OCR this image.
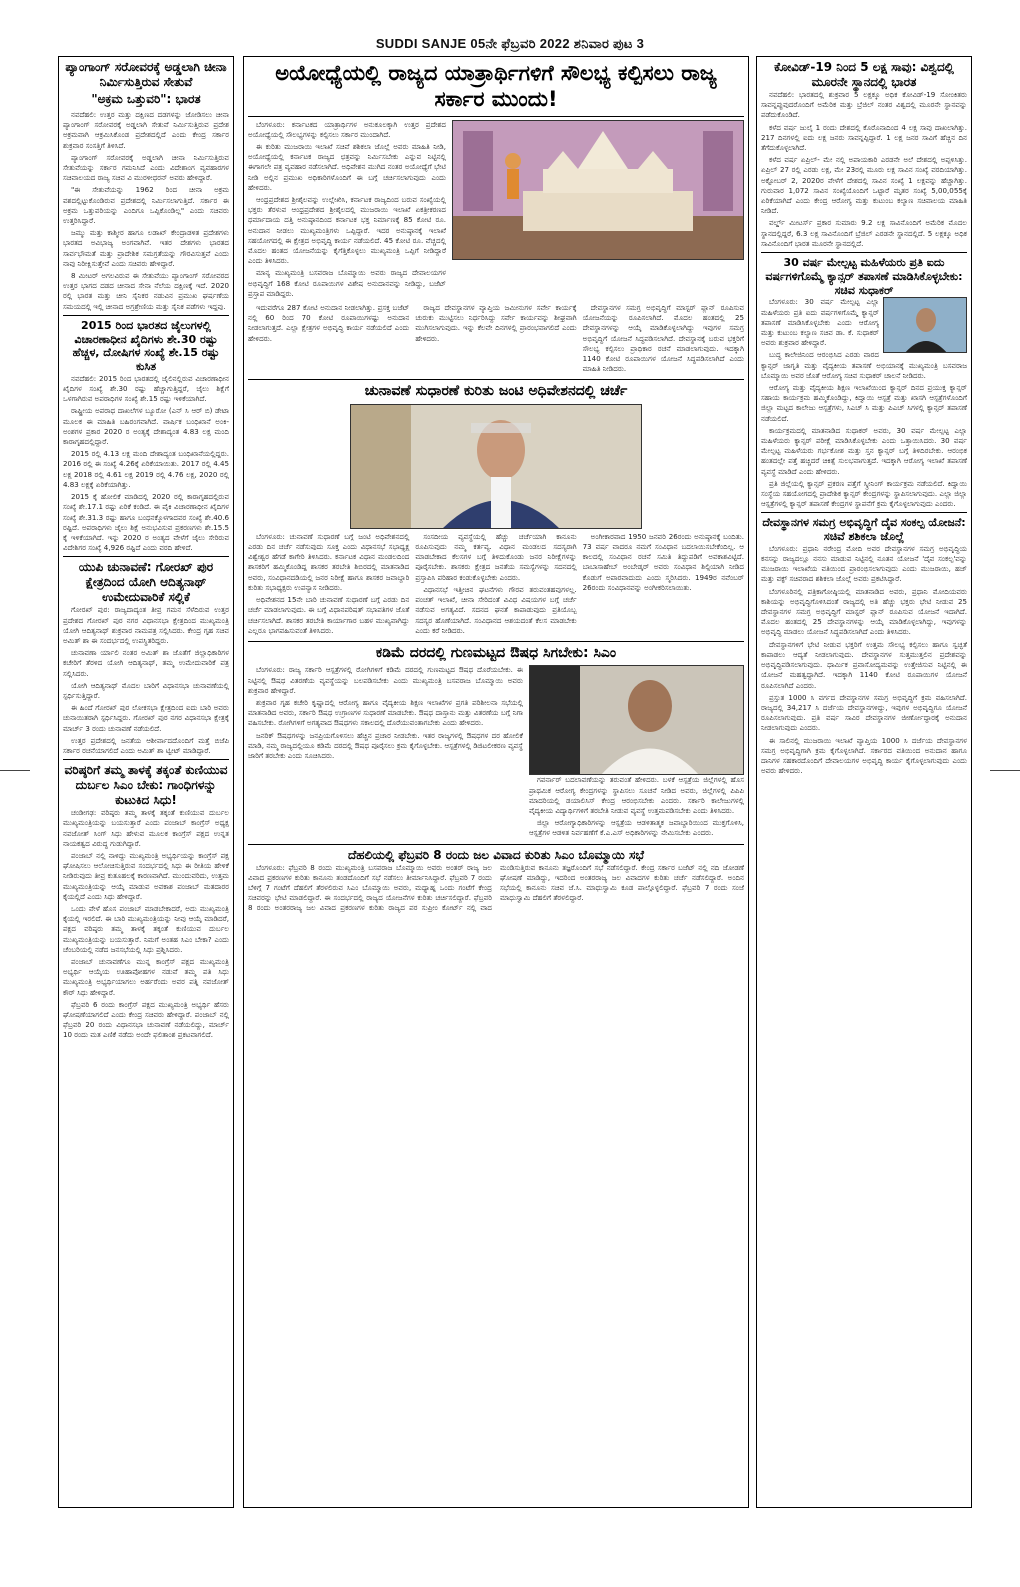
SUDDI SANJE 05ನೇ ಫೆಬ್ರವರಿ 2022 ಶನಿವಾರ ಪುಟ 3
ಪ್ಯಾಂಗಾಂಗ್ ಸರೋವರಕ್ಕೆ ಅಡ್ಡಲಾಗಿ ಚೀನಾ ನಿರ್ಮಿಸುತ್ತಿರುವ ಸೇತುವೆ
"ಅಕ್ರಮ ಒತ್ತುವರಿ": ಭಾರತ

ನವದೆಹಲಿ: ಉತ್ತರ ಮತ್ತು ದಕ್ಷಿಣದ ದಡಗಳನ್ನು ಜೋಡಿಸಲು ಚೀನಾ ಪ್ಯಾಂಗಾಂಗ್ ಸರೋವರಕ್ಕೆ ಅಡ್ಡಲಾಗಿ ಸೇತುವೆ ನಿರ್ಮಿಸುತ್ತಿರುವ ಪ್ರದೇಶ ಅಕ್ರಮವಾಗಿ ಆಕ್ರಮಿಸಿಕೊಂಡ ಪ್ರದೇಶದಲ್ಲಿದೆ ಎಂದು ಕೇಂದ್ರ ಸರ್ಕಾರ ಶುಕ್ರವಾರ ಸಂಸತ್ತಿಗೆ ತಿಳಿಸಿದೆ.

ಪ್ಯಾಂಗಾಂಗ್ ಸರೋವರಕ್ಕೆ ಅಡ್ಡಲಾಗಿ ಚೀನಾ ನಿರ್ಮಿಸುತ್ತಿರುವ ಸೇತುವೆಯನ್ನು ಸರ್ಕಾರ ಗಮನಿಸಿದೆ ಎಂದು ವಿದೇಶಾಂಗ ವ್ಯವಹಾರಗಳ ಸಚಿವಾಲಯದ ರಾಜ್ಯ ಸಚಿವ ವಿ ಮುರಳೀಧರನ್ ಅವರು ಹೇಳಿದ್ದಾರೆ.

"ಈ ಸೇತುವೆಯನ್ನು 1962 ರಿಂದ ಚೀನಾ ಅಕ್ರಮ ವಶದಲ್ಲಿಟ್ಟುಕೊಂಡಿರುವ ಪ್ರದೇಶದಲ್ಲಿ ನಿರ್ಮಿಸಲಾಗುತ್ತಿದೆ. ಸರ್ಕಾರ ಈ ಅಕ್ರಮ ಒತ್ತುವರಿಯನ್ನು ಎಂದಿಗೂ ಒಪ್ಪಿಕೊಂಡಿಲ್ಲ" ಎಂದು ಸಚಿವರು ಉತ್ತರಿಸಿದ್ದಾರೆ.

ಜಮ್ಮು ಮತ್ತು ಕಾಶ್ಮೀರ ಹಾಗೂ ಲಡಾಖ್ ಕೇಂದ್ರಾಡಳಿತ ಪ್ರದೇಶಗಳು ಭಾರತದ ಅವಿಭಾಜ್ಯ ಅಂಗವಾಗಿವೆ. ಇತರ ದೇಶಗಳು ಭಾರತದ ಸಾರ್ವಭೌಮತೆ ಮತ್ತು ಪ್ರಾದೇಶಿಕ ಸಮಗ್ರತೆಯನ್ನು ಗೌರವಿಸುತ್ತವೆ ಎಂದು ನಾವು ನಿರೀಕ್ಷಿಸುತ್ತೇವೆ ಎಂದು ಸಚಿವರು ಹೇಳಿದ್ದಾರೆ.

8 ಮೀಟರ್ ಅಗಲವಿರುವ ಈ ಸೇತುವೆಯು ಪ್ಯಾಂಗಾಂಗ್ ಸರೋವರದ ಉತ್ತರ ಭಾಗದ ದಡದ ಚೀನಾದ ಸೇನಾ ನೆಲೆಯ ದಕ್ಷಿಣಕ್ಕೆ ಇದೆ. 2020 ರಲ್ಲಿ ಭಾರತ ಮತ್ತು ಚೀನಿ ಸೈನಿಕರ ನಡುವಿನ ಪ್ರಮುಖ ಘರ್ಷಣೆಯ ಸಮಯದಲ್ಲಿ ಇಲ್ಲಿ ಚೀನಾದ ಅಗ್ರಶ್ರೇಣಿಯ ಮತ್ತು ಸೈನಿಕ ಪಡೆಗಳು ಇದ್ದವು.

2015 ರಿಂದ ಭಾರತದ ಜೈಲುಗಳಲ್ಲಿ ವಿಚಾರಣಾಧೀನ ಖೈದಿಗಳು ಶೇ.30 ರಷ್ಟು ಹೆಚ್ಚಳ, ದೋಷಿಗಳ ಸಂಖ್ಯೆ ಶೇ.15 ರಷ್ಟು ಕುಸಿತ

ನವದೆಹಲಿ: 2015 ರಿಂದ ಭಾರತದಲ್ಲಿ ಜೈಲಿನಲ್ಲಿರುವ ವಿಚಾರಣಾಧೀನ ಖೈದಿಗಳ ಸಂಖ್ಯೆ ಶೇ.30 ರಷ್ಟು ಹೆಚ್ಚಾಗುತ್ತಿದ್ದರೆ, ಜೈಲು ಶಿಕ್ಷೆಗೆ ಒಳಗಾಗಿರುವ ಅಪರಾಧಿಗಳ ಸಂಖ್ಯೆ ಶೇ.15 ರಷ್ಟು ಇಳಿಕೆಯಾಗಿದೆ.

ರಾಷ್ಟ್ರೀಯ ಅಪರಾಧ ದಾಖಲೆಗಳ ಬ್ಯೂರೋ (ಎನ್ ಸಿ ಆರ್ ಬಿ) ಡೇಟಾ ಮೂಲಕ ಈ ಮಾಹಿತಿ ಬಹಿರಂಗವಾಗಿದೆ. ವಾರ್ಷಿಕ ಬಂಧಿಖಾನೆ ಅಂಕಿ-ಅಂಶಗಳ ಪ್ರಕಾರ 2020 ರ ಅಂತ್ಯಕ್ಕೆ ದೇಶಾದ್ಯಂತ 4.83 ಲಕ್ಷ ಮಂದಿ ಕಾರಾಗೃಹದಲ್ಲಿದ್ದಾರೆ.

2015 ರಲ್ಲಿ 4.13 ಲಕ್ಷ ಮಂದಿ ದೇಶಾದ್ಯಂತ ಬಂಧಿಖಾನೆಯಲ್ಲಿದ್ದರು. 2016 ರಲ್ಲಿ ಈ ಸಂಖ್ಯೆ 4.26ಕ್ಕೆ ಏರಿಕೆಯಾಯಿತು. 2017 ರಲ್ಲಿ 4.45 ಲಕ್ಷ 2018 ರಲ್ಲಿ 4.61 ಲಕ್ಷ 2019 ರಲ್ಲಿ 4.76 ಲಕ್ಷ, 2020 ರಲ್ಲಿ 4.83 ಲಕ್ಷಕ್ಕೆ ಏರಿಕೆಯಾಗಿತ್ತು.

2015 ಕ್ಕೆ ಹೋಲಿಕೆ ಮಾಡಿದಲ್ಲಿ 2020 ರಲ್ಲಿ ಕಾರಾಗೃಹದಲ್ಲಿರುವ ಸಂಖ್ಯೆ ಶೇ.17.1 ರಷ್ಟು ಏರಿಕೆ ಕಂಡಿದೆ. ಈ ಪೈಕಿ ವಿಚಾರಣಾಧೀನ ಖೈದಿಗಳ ಸಂಖ್ಯೆ ಶೇ.31.3 ರಷ್ಟು ಹಾಗೂ ಬಂಧನಕ್ಕೊಳಗಾದವರ ಸಂಖ್ಯೆ ಶೇ.40.6 ರಷ್ಟಿದೆ. ಅಪರಾಧಿಗಳು ಜೈಲು ಶಿಕ್ಷೆ ಅನುಭವಿಸುವ ಪ್ರಕರಣಗಳು ಶೇ.15.5 ಕ್ಕೆ ಇಳಿಕೆಯಾಗಿದೆ. ಇನ್ನು 2020 ರ ಅಂತ್ಯದ ವೇಳೆಗೆ ಜೈಲು ಸೇರಿರುವ ವಿದೇಶಿಗರ ಸಂಖ್ಯೆ 4,926 ರಷ್ಟಿದೆ ಎಂದು ವರದಿ ಹೇಳಿದೆ.

ಯುಪಿ ಚುನಾವಣೆ: ಗೋರಖ್ ಪುರ ಕ್ಷೇತ್ರದಿಂದ ಯೋಗಿ ಆದಿತ್ಯನಾಥ್ ಉಮೇದುವಾರಿಕೆ ಸಲ್ಲಿಕೆ

ಗೋರಖ್ ಪುರ: ರಾಜ್ಯದಾದ್ಯಂತ ತೀವ್ರ ಗಮನ ಸೆಳೆದಿರುವ ಉತ್ತರ ಪ್ರದೇಶದ ಗೋರಖ್ ಪುರ ನಗರ ವಿಧಾನಸಭಾ ಕ್ಷೇತ್ರದಿಂದ ಮುಖ್ಯಮಂತ್ರಿ ಯೋಗಿ ಆದಿತ್ಯನಾಥ್ ಶುಕ್ರವಾರ ನಾಮಪತ್ರ ಸಲ್ಲಿಸಿದರು. ಕೇಂದ್ರ ಗೃಹ ಸಚಿವ ಅಮಿತ್ ಶಾ ಈ ಸಂದರ್ಭದಲ್ಲಿ ಉಪಸ್ಥಿತರಿದ್ದರು.

ಚುನಾವಣಾ ರ್ಯಾಲಿ ನಂತರ ಅಮಿತ್ ಶಾ ಜೊತೆಗೆ ಜಿಲ್ಲಾಧಿಕಾರಿಗಳ ಕಚೇರಿಗೆ ತೆರಳಿದ ಯೋಗಿ ಆದಿತ್ಯನಾಥ್, ತಮ್ಮ ಉಮೇದುವಾರಿಕೆ ಪತ್ರ ಸಲ್ಲಿಸಿದರು.

ಯೋಗಿ ಆದಿತ್ಯನಾಥ್ ಮೊದಲ ಬಾರಿಗೆ ವಿಧಾನಸಭಾ ಚುನಾವಣೆಯಲ್ಲಿ ಸ್ಪರ್ಧಿಸುತ್ತಿದ್ದಾರೆ.

ಈ ಹಿಂದೆ ಗೋರಖ್ ಪುರ ಲೋಕಸಭಾ ಕ್ಷೇತ್ರದಿಂದ ಐದು ಬಾರಿ ಅವರು ಚುನಾಯಿತರಾಗಿ ಸ್ಪರ್ಧಿಸಿದ್ದರು. ಗೋರಖ್ ಪುರ ನಗರ ವಿಧಾನಸಭಾ ಕ್ಷೇತ್ರಕ್ಕೆ ಮಾರ್ಚ್ 3 ರಂದು ಚುನಾವಣೆ ನಡೆಯಲಿದೆ.

ಉತ್ತರ ಪ್ರದೇಶದಲ್ಲಿ ಜನತೆಯ ಆಶೀರ್ವಾದದೊಂದಿಗೆ ಮತ್ತೆ ಬಿಜೆಪಿ ಸರ್ಕಾರ ರಚನೆಯಾಗಲಿದೆ ಎಂದು ಅಮಿತ್ ಶಾ ಟ್ವೀಟ್ ಮಾಡಿದ್ದಾರೆ.

ವರಿಷ್ಠರಿಗೆ ತಮ್ಮ ತಾಳಕ್ಕೆ ತಕ್ಕಂತೆ ಕುಣಿಯುವ ದುರ್ಬಲ ಸಿಎಂ ಬೇಕು: ಗಾಂಧಿಗಳನ್ನು ಕುಟುಕಿದ ಸಿಧು!

ಚಂಡೀಗಢ: ವರಿಷ್ಠರು ತಮ್ಮ ತಾಳಕ್ಕೆ ತಕ್ಕಂತೆ ಕುಣಿಯುವ ದುರ್ಬಲ ಮುಖ್ಯಮಂತ್ರಿಯನ್ನು ಬಯಸುತ್ತಾರೆ ಎಂದು ಪಂಜಾಬ್ ಕಾಂಗ್ರೆಸ್ ಅಧ್ಯಕ್ಷ ನವಜೋತ್ ಸಿಂಗ್ ಸಿಧು ಹೇಳುವ ಮೂಲಕ ಕಾಂಗ್ರೆಸ್ ಪಕ್ಷದ ಉನ್ನತ ನಾಯಕತ್ವದ ವಿರುದ್ಧ ಗುಡುಗಿದ್ದಾರೆ.

ಪಂಜಾಬ್ ನಲ್ಲಿ ನಾಳಿದ್ದು ಮುಖ್ಯಮಂತ್ರಿ ಅಭ್ಯರ್ಥಿಯನ್ನು ಕಾಂಗ್ರೆಸ್ ಪಕ್ಷ ಘೋಷಿಸಲು ಆಲೋಚಿಸುತ್ತಿರುವ ಸಂದರ್ಭದಲ್ಲಿ ಸಿಧು ಈ ರೀತಿಯ ಹೇಳಿಕೆ ನೀಡಿರುವುದು ತೀವ್ರ ಕುತೂಹಲಕ್ಕೆ ಕಾರಣವಾಗಿದೆ. ಮುಂದುವರಿದು, ಉತ್ತಮ ಮುಖ್ಯಮಂತ್ರಿಯನ್ನು ಆಯ್ಕೆ ಮಾಡುವ ಅವಕಾಶ ಪಂಜಾಬ್ ಮತದಾರರ ಕೈಯಲ್ಲಿದೆ ಎಂದು ಸಿಧು ಹೇಳಿದ್ದಾರೆ.

ಒಂದು ವೇಳೆ ಹೊಸ ಪಂಜಾಬ್ ಮಾಡಬೇಕಾದರೆ, ಅದು ಮುಖ್ಯಮಂತ್ರಿ ಕೈಯಲ್ಲಿ ಇರಲಿದೆ. ಈ ಬಾರಿ ಮುಖ್ಯಮಂತ್ರಿಯನ್ನು ನೀವು ಆಯ್ಕೆ ಮಾಡಿದರೆ, ಪಕ್ಷದ ವರಿಷ್ಠರು ತಮ್ಮ ತಾಳಕ್ಕೆ ತಕ್ಕಂತೆ ಕುಣಿಯುವ ದುರ್ಬಲ ಮುಖ್ಯಮಂತ್ರಿಯನ್ನು ಬಯಸುತ್ತಾರೆ. ನಿಮಗೆ ಅಂತಹ ಸಿಎಂ ಬೇಕಾ? ಎಂದು ಚೆಂಬರಿಯಲ್ಲಿ ನಡೆದ ಜನಸಭೆಯಲ್ಲಿ ಸಿಧು ಪ್ರಶ್ನಿಸಿದರು.

ಪಂಜಾಬ್ ಚುನಾವಣೆಗೂ ಮುನ್ನ ಕಾಂಗ್ರೆಸ್ ಪಕ್ಷದ ಮುಖ್ಯಮಂತ್ರಿ ಅಭ್ಯರ್ಥಿ ಆಯ್ಕೆಯ ಊಹಾಪೋಹಗಳ ನಡುವೆ ತಮ್ಮ ಪತಿ ಸಿಧು ಮುಖ್ಯಮಂತ್ರಿ ಅಭ್ಯರ್ಥಿಯಾಗಲು ಅರ್ಹರೆಂದು ಅವರ ಪತ್ನಿ ನವಜೋತ್ ಕೌರ್ ಸಿಧು ಹೇಳಿದ್ದಾರೆ.

ಫೆಬ್ರವರಿ 6 ರಂದು ಕಾಂಗ್ರೆಸ್ ಪಕ್ಷದ ಮುಖ್ಯಮಂತ್ರಿ ಅಭ್ಯರ್ಥಿ ಹೆಸರು ಘೋಷಣೆಯಾಗಲಿದೆ ಎಂದು ಕೇಂದ್ರ ಸಚಿವರು ಹೇಳಿದ್ದಾರೆ. ಪಂಜಾಬ್ ನಲ್ಲಿ ಫೆಬ್ರವರಿ 20 ರಂದು ವಿಧಾನಸಭಾ ಚುನಾವಣೆ ನಡೆಯಲಿದ್ದು, ಮಾರ್ಚ್ 10 ರಂದು ಮತ ಎಣಿಕೆ ನಡೆದು ಅಂದೇ ಫಲಿತಾಂಶ ಪ್ರಕಟವಾಗಲಿದೆ.

ಅಯೋಧ್ಯೆಯಲ್ಲಿ ರಾಜ್ಯದ ಯಾತ್ರಾರ್ಥಿಗಳಿಗೆ ಸೌಲಭ್ಯ ಕಲ್ಪಿಸಲು ರಾಜ್ಯ ಸರ್ಕಾರ ಮುಂದು!

ಬೆಂಗಳೂರು: ಕರ್ನಾಟಕದ ಯಾತ್ರಾರ್ಥಿಗಳ ಅನುಕೂಲಕ್ಕಾಗಿ ಉತ್ತರ ಪ್ರದೇಶದ ಅಯೋಧ್ಯೆಯಲ್ಲಿ ಸೌಲಭ್ಯಗಳನ್ನು ಕಲ್ಪಿಸಲು ಸರ್ಕಾರ ಮುಂದಾಗಿದೆ.

ಈ ಕುರಿತು ಮುಜರಾಯಿ ಇಲಾಖೆ ಸಚಿವೆ ಶಶಿಕಲಾ ಜೊಲ್ಲೆ ಅವರು ಮಾಹಿತಿ ನೀಡಿ, ಅಯೋಧ್ಯೆಯಲ್ಲಿ ಕರ್ನಾಟಕ ರಾಜ್ಯದ ಛತ್ರವನ್ನು ನಿರ್ಮಿಸಬೇಕು ಎನ್ನುವ ನಿಟ್ಟಿನಲ್ಲಿ ಈಗಾಗಲೇ ಪತ್ರ ವ್ಯವಹಾರ ನಡೆಸಲಾಗಿದೆ. ಅಧಿವೇಶನ ಮುಗಿದ ನಂತರ ಅಯೋಧ್ಯೆಗೆ ಭೇಟಿ ನೀಡಿ ಅಲ್ಲಿನ ಪ್ರಮುಖ ಅಧಿಕಾರಿಗಳೊಂದಿಗೆ ಈ ಬಗ್ಗೆ ಚರ್ಚಿಸಲಾಗುವುದು ಎಂದು ಹೇಳಿದರು.

ಆಂಧ್ರಪ್ರದೇಶದ ಶ್ರೀಶೈಲವನ್ನು ಉಲ್ಲೇಖಿಸಿ, ಕರ್ನಾಟಕ ರಾಜ್ಯದಿಂದ ಬರುವ ಸಂಖ್ಯೆಯಲ್ಲಿ ಭಕ್ತರು ತೆರಳುವ ಆಂಧ್ರಪ್ರದೇಶದ ಶ್ರೀಶೈಲದಲ್ಲಿ ಮುಜರಾಯಿ ಇಲಾಖೆ ಏಕತ್ರೀಕರಣದ ಧರ್ಮಾದಾಯ ದತ್ತಿ ಅನುಷ್ಠಾನದಿಂದ ಕರ್ನಾಟಕ ಭಕ್ತ ನಿರ್ಮಾಣಕ್ಕೆ 85 ಕೋಟಿ ರೂ. ಅನುದಾನ ನೀಡಲು ಮುಖ್ಯಮಂತ್ರಿಗಳು ಒಪ್ಪಿದ್ದಾರೆ. ಇದರ ಅನುಷ್ಠಾನಕ್ಕೆ ಇಲಾಖೆ ಸಹಯೋಗದಲ್ಲಿ ಈ ಕ್ಷೇತ್ರದ ಅಭಿವೃದ್ಧಿ ಕಾರ್ಯ ನಡೆಯಲಿದೆ. 45 ಕೋಟಿ ರೂ. ವೆಚ್ಚದಲ್ಲಿ ಮೊದಲ ಹಂತದ ಯೋಜನೆಯನ್ನು ಕೈಗೆತ್ತಿಕೊಳ್ಳಲು ಮುಖ್ಯಮಂತ್ರಿ ಒಪ್ಪಿಗೆ ನೀಡಿದ್ದಾರೆ ಎಂದು ತಿಳಿಸಿದರು.

ಮಾನ್ಯ ಮುಖ್ಯಮಂತ್ರಿ ಬಸವರಾಜ ಬೊಮ್ಮಾಯಿ ಅವರು ರಾಜ್ಯದ ದೇವಾಲಯಗಳ ಅಭಿವೃದ್ಧಿಗೆ 168 ಕೋಟಿ ರೂಪಾಯಿಗಳ ವಿಶೇಷ ಅನುದಾನವನ್ನು ನೀಡಿದ್ದು, ಬಜೆಟ್ ಪ್ರಸ್ತಾಪ ಮಾಡಿದ್ದರು.

ಇದುವರೆಗೂ 287 ಕೋಟಿ ಅನುದಾನ ನೀಡಲಾಗಿತ್ತು. ಪ್ರಸಕ್ತ ಬಜೆಟ್ ನಲ್ಲಿ 60 ರಿಂದ 70 ಕೋಟಿ ರೂಪಾಯಿಗಳಷ್ಟು ಅನುದಾನ ನೀಡಲಾಗುತ್ತದೆ. ಎಲ್ಲಾ ಕ್ಷೇತ್ರಗಳ ಅಭಿವೃದ್ಧಿ ಕಾರ್ಯ ನಡೆಯಲಿದೆ ಎಂದು ಹೇಳಿದರು.

ರಾಜ್ಯದ ದೇವಸ್ಥಾನಗಳ ವ್ಯಾಪ್ತಿಯ ಜಮೀನುಗಳ ಸರ್ವೇ ಕಾರ್ಯಕ್ಕೆ ಚುರುಕು ಮುಟ್ಟಿಸಲು ನಿರ್ಧರಿಸಿದ್ದು ಸರ್ವೇ ಕಾರ್ಯವನ್ನು ಶೀಘ್ರವಾಗಿ ಮುಗಿಸಲಾಗುವುದು. ಇನ್ನು ಕೆಲವೇ ದಿನಗಳಲ್ಲಿ ಪ್ರಾರಂಭವಾಗಲಿದೆ ಎಂದು ಹೇಳಿದರು.

ದೇವಸ್ಥಾನಗಳ ಸಮಗ್ರ ಅಭಿವೃದ್ಧಿಗೆ ಮಾಸ್ಟರ್ ಪ್ಲಾನ್ ರೂಪಿಸುವ ಯೋಜನೆಯನ್ನು ರೂಪಿಸಲಾಗಿದೆ. ಮೊದಲ ಹಂತದಲ್ಲಿ 25 ದೇವಸ್ಥಾನಗಳನ್ನು ಆಯ್ಕೆ ಮಾಡಿಕೊಳ್ಳಲಾಗಿದ್ದು ಇವುಗಳ ಸಮಗ್ರ ಅಭಿವೃದ್ಧಿಗೆ ಯೋಜನೆ ಸಿದ್ಧಪಡಿಸಲಾಗಿದೆ. ದೇವಸ್ಥಾನಕ್ಕೆ ಬರುವ ಭಕ್ತರಿಗೆ ಸೌಲಭ್ಯ ಕಲ್ಪಿಸಲು ಪ್ರಾಧಿಕಾರ ರಚನೆ ಮಾಡಲಾಗುವುದು. ಇದಕ್ಕಾಗಿ 1140 ಕೋಟಿ ರೂಪಾಯಿಗಳ ಯೋಜನೆ ಸಿದ್ಧಪಡಿಸಲಾಗಿದೆ ಎಂದು ಮಾಹಿತಿ ನೀಡಿದರು.

ಚುನಾವಣೆ ಸುಧಾರಣೆ ಕುರಿತು ಜಂಟಿ ಅಧಿವೇಶನದಲ್ಲಿ ಚರ್ಚೆ

ಬೆಂಗಳೂರು: ಚುನಾವಣೆ ಸುಧಾರಣೆ ಬಗ್ಗೆ ಜಂಟಿ ಅಧಿವೇಶನದಲ್ಲಿ ಎರಡು ದಿನ ಚರ್ಚೆ ನಡೆಸುವುದು ಸೂಕ್ತ ಎಂದು ವಿಧಾನಸಭೆ ಸಭಾಧ್ಯಕ್ಷ ವಿಶ್ವೇಶ್ವರ ಹೆಗಡೆ ಕಾಗೇರಿ ತಿಳಿಸಿದರು. ಕರ್ನಾಟಕ ವಿಧಾನ ಮಂಡಲದಿಂದ ಶಾಸಕರಿಗೆ ಹಮ್ಮಿಕೊಂಡಿದ್ದ ಶಾಸಕರ ತರಬೇತಿ ಶಿಬಿರದಲ್ಲಿ ಮಾತನಾಡಿದ ಅವರು, ಸಂವಿಧಾನದಡಿಯಲ್ಲಿ ಜನರ ನಿರೀಕ್ಷೆ ಹಾಗೂ ಶಾಸಕರ ಜವಾಬ್ದಾರಿ ಕುರಿತು ಸಭಾಧ್ಯಕ್ಷರು ಉಪನ್ಯಾಸ ನೀಡಿದರು.

ಅಧಿವೇಶನದ 15ನೇ ಬಾರಿ ಚುನಾವಣೆ ಸುಧಾರಣೆ ಬಗ್ಗೆ ಎರಡು ದಿನ ಚರ್ಚೆ ಮಾಡಲಾಗುವುದು. ಈ ಬಗ್ಗೆ ವಿಧಾನಪರಿಷತ್ ಸಭಾಪತಿಗಳ ಜೊತೆ ಚರ್ಚಿಸಲಾಗಿದೆ. ಶಾಸಕರ ತರಬೇತಿ ಕಾರ್ಯಾಗಾರ ಬಹಳ ಮುಖ್ಯವಾಗಿದ್ದು ಎಲ್ಲರೂ ಭಾಗವಹಿಸುವಂತೆ ತಿಳಿಸಿದರು.

ಸಂಸದೀಯ ವ್ಯವಸ್ಥೆಯಲ್ಲಿ ಹೆಚ್ಚು ಚರ್ಚೆಯಾಗಿ ಕಾನೂನು ರೂಪಿಸುವುದು ನಮ್ಮ ಕರ್ತವ್ಯ. ವಿಧಾನ ಮಂಡಲದ ಸದಸ್ಯರಾಗಿ ಮಾಡಬೇಕಾದ ಕೆಲಸಗಳ ಬಗ್ಗೆ ತಿಳಿದುಕೊಂಡು ಜನರ ನಿರೀಕ್ಷೆಗಳನ್ನು ಪೂರೈಸಬೇಕು. ಶಾಸಕರು ಕ್ಷೇತ್ರದ ಜನತೆಯ ಸಮಸ್ಯೆಗಳನ್ನು ಸದನದಲ್ಲಿ ಪ್ರಸ್ತಾಪಿಸಿ ಪರಿಹಾರ ಕಂಡುಕೊಳ್ಳಬೇಕು ಎಂದರು.

ವಿಧಾನಸಭೆ ಇತ್ತೀಚಿನ ಘಟನೆಗಳು ಗೌರವ ತರುವಂತಹವುಗಳಲ್ಲ. ಪಂಚತ್ ಇಲಾಖೆ, ಚೀನಾ ಸೇರಿದಂತೆ ವಿವಿಧ ವಿಷಯಗಳ ಬಗ್ಗೆ ಚರ್ಚೆ ನಡೆಸುವ ಅಗತ್ಯವಿದೆ. ಸದನದ ಘನತೆ ಕಾಪಾಡುವುದು ಪ್ರತಿಯೊಬ್ಬ ಸದಸ್ಯರ ಹೊಣೆಯಾಗಿದೆ. ಸಂವಿಧಾನದ ಆಶಯದಂತೆ ಕೆಲಸ ಮಾಡಬೇಕು ಎಂದು ಕರೆ ನೀಡಿದರು.

ಅಂಗೀಕಾರವಾದ 1950 ಜನವರಿ 26ರಂದು ಅನುಷ್ಠಾನಕ್ಕೆ ಬಂದಿತು. 73 ವರ್ಷ ವಾದರೂ ನಮಗೆ ಸಂವಿಧಾನ ಬದಲಾಯಿಸಬೇಕೆಂದಿಲ್ಲ. ಆ ಕಾಲದಲ್ಲಿ ಸಂವಿಧಾನ ರಚನೆ ಸಮಿತಿ ತಿದ್ದುಪಡಿಗೆ ಅವಕಾಶವಿಟ್ಟಿದೆ. ಬಾಬಾಸಾಹೇಬ್ ಅಂಬೇಡ್ಕರ್ ಅವರು ಸಂವಿಧಾನ ಶಿಲ್ಪಿಯಾಗಿ ನೀಡಿದ ಕೊಡುಗೆ ಅಪಾರವಾದುದು ಎಂದು ಸ್ಮರಿಸಿದರು. 1949ರ ನವೆಂಬರ್ 26ರಂದು ಸಂವಿಧಾನವನ್ನು ಅಂಗೀಕರಿಸಲಾಯಿತು.

ಕಡಿಮೆ ದರದಲ್ಲಿ ಗುಣಮಟ್ಟದ ಔಷಧ ಸಿಗಬೇಕು: ಸಿಎಂ

ಬೆಂಗಳೂರು: ರಾಜ್ಯ ಸರ್ಕಾರಿ ಆಸ್ಪತ್ರೆಗಳಲ್ಲಿ ರೋಗಿಗಳಿಗೆ ಕಡಿಮೆ ದರದಲ್ಲಿ ಗುಣಮಟ್ಟದ ಔಷಧ ದೊರೆಯಬೇಕು. ಈ ನಿಟ್ಟಿನಲ್ಲಿ ಔಷಧ ವಿತರಣೆಯ ವ್ಯವಸ್ಥೆಯನ್ನು ಬಲಪಡಿಸಬೇಕು ಎಂದು ಮುಖ್ಯಮಂತ್ರಿ ಬಸವರಾಜ ಬೊಮ್ಮಾಯಿ ಅವರು ಶುಕ್ರವಾರ ಹೇಳಿದ್ದಾರೆ.

ಶುಕ್ರವಾರ ಗೃಹ ಕಚೇರಿ ಕೃಷ್ಣಾದಲ್ಲಿ ಆರೋಗ್ಯ ಹಾಗೂ ವೈದ್ಯಕೀಯ ಶಿಕ್ಷಣ ಇಲಾಖೆಗಳ ಪ್ರಗತಿ ಪರಿಶೀಲನಾ ಸಭೆಯಲ್ಲಿ ಮಾತನಾಡಿದ ಅವರು, ಸರ್ಕಾರಿ ಔಷಧ ಉಗ್ರಾಣಗಳ ಸುಧಾರಣೆ ಮಾಡಬೇಕು. ಔಷಧ ದಾಸ್ತಾನು ಮತ್ತು ವಿತರಣೆಯ ಬಗ್ಗೆ ನಿಗಾ ವಹಿಸಬೇಕು. ರೋಗಿಗಳಿಗೆ ಅಗತ್ಯವಾದ ಔಷಧಗಳು ಸಕಾಲದಲ್ಲಿ ದೊರೆಯುವಂತಾಗಬೇಕು ಎಂದು ಹೇಳಿದರು.

ಜನರಿಕ್ ಔಷಧಗಳನ್ನು ಜನಪ್ರಿಯಗೊಳಿಸಲು ಹೆಚ್ಚಿನ ಪ್ರಚಾರ ನೀಡಬೇಕು. ಇತರ ರಾಜ್ಯಗಳಲ್ಲಿ ಔಷಧಗಳ ದರ ಹೋಲಿಕೆ ಮಾಡಿ, ನಮ್ಮ ರಾಜ್ಯದಲ್ಲಿಯೂ ಕಡಿಮೆ ದರದಲ್ಲಿ ಔಷಧ ಪೂರೈಸಲು ಕ್ರಮ ಕೈಗೊಳ್ಳಬೇಕು. ಆಸ್ಪತ್ರೆಗಳಲ್ಲಿ ಡಿಜಿಟಲೀಕರಣ ವ್ಯವಸ್ಥೆ ಜಾರಿಗೆ ತರಬೇಕು ಎಂದು ಸೂಚಿಸಿದರು.

ಗವರ್ನಾರ್ ಬದಲಾವಣೆಯನ್ನು ತರುವಂತೆ ಹೇಳಿದರು. ಬಳಕೆ ಆಸ್ಪತ್ರೆಯ ಜಿಲ್ಲೆಗಳಲ್ಲಿ ಹೊಸ ಪ್ರಾಥಮಿಕ ಆರೋಗ್ಯ ಕೇಂದ್ರಗಳನ್ನು ಸ್ಥಾಪಿಸಲು ಸೂಚನೆ ನೀಡಿದ ಅವರು, ಜಿಲ್ಲೆಗಳಲ್ಲಿ ಪಿಪಿಪಿ ಮಾದರಿಯಲ್ಲಿ ಡಯಾಲಿಸಿಸ್ ಕೇಂದ್ರ ಆರಂಭಿಸಬೇಕು ಎಂದರು. ಸರ್ಕಾರಿ ಕಾಲೇಜುಗಳಲ್ಲಿ ವೈದ್ಯಕೀಯ ವಿದ್ಯಾರ್ಥಿಗಳಿಗೆ ತರಬೇತಿ ನೀಡುವ ವ್ಯವಸ್ಥೆ ಉತ್ತಮಪಡಿಸಬೇಕು ಎಂದು ತಿಳಿಸಿದರು.

ಜಿಲ್ಲಾ ಆರೋಗ್ಯಾಧಿಕಾರಿಗಳನ್ನು ಆಸ್ಪತ್ರೆಯ ಆಡಳಿತಾತ್ಮಕ ಜವಾಬ್ದಾರಿಯಿಂದ ಮುಕ್ತಗೊಳಿಸಿ, ಆಸ್ಪತ್ರೆಗಳ ಆಡಳಿತ ನಿರ್ವಹಣೆಗೆ ಕೆ.ಎ.ಎಸ್ ಅಧಿಕಾರಿಗಳನ್ನು ನೇಮಿಸಬೇಕು ಎಂದರು.

ದೆಹಲಿಯಲ್ಲಿ ಫೆಬ್ರವರಿ 8 ರಂದು ಜಲ ವಿವಾದ ಕುರಿತು ಸಿಎಂ ಬೊಮ್ಮಾಯಿ ಸಭೆ

ಬೆಂಗಳೂರು: ಫೆಬ್ರವರಿ 8 ರಂದು ಮುಖ್ಯಮಂತ್ರಿ ಬಸವರಾಜ ಬೊಮ್ಮಾಯಿ ಅವರು ಅಂತರ್ ರಾಜ್ಯ ಜಲ ವಿವಾದ ಪ್ರಕರಣಗಳ ಕುರಿತು ಕಾನೂನು ತಂಡದೊಂದಿಗೆ ಸಭೆ ನಡೆಸಲು ತೀರ್ಮಾನಿಸಿದ್ದಾರೆ. ಫೆಬ್ರವರಿ 7 ರಂದು ಬೆಳಿಗ್ಗೆ 7 ಗಂಟೆಗೆ ದೆಹಲಿಗೆ ತೆರಳಲಿರುವ ಸಿಎಂ ಬೊಮ್ಮಾಯಿ ಅವರು, ಮಧ್ಯಾಹ್ನ ಒಂದು ಗಂಟೆಗೆ ಕೇಂದ್ರ ಸಚಿವರನ್ನು ಭೇಟಿ ಮಾಡಲಿದ್ದಾರೆ. ಈ ಸಂದರ್ಭದಲ್ಲಿ ರಾಜ್ಯದ ಯೋಜನೆಗಳ ಕುರಿತು ಚರ್ಚಿಸಲಿದ್ದಾರೆ. ಫೆಬ್ರವರಿ 8 ರಂದು ಅಂತರರಾಜ್ಯ ಜಲ ವಿವಾದ ಪ್ರಕರಣಗಳ ಕುರಿತು ರಾಜ್ಯದ ಪರ ಸುಪ್ರೀಂ ಕೋರ್ಟ್ ನಲ್ಲಿ ವಾದ ಮಂಡಿಸುತ್ತಿರುವ ಕಾನೂನು ತಜ್ಞರೊಂದಿಗೆ ಸಭೆ ನಡೆಸಲಿದ್ದಾರೆ. ಕೇಂದ್ರ ಸರ್ಕಾರ ಬಜೆಟ್ ನಲ್ಲಿ ನದಿ ಜೋಡಣೆ ಘೋಷಣೆ ಮಾಡಿದ್ದು, ಇದರಿಂದ ಅಂತರರಾಜ್ಯ ಜಲ ವಿವಾದಗಳ ಕುರಿತು ಚರ್ಚೆ ನಡೆಸಲಿದ್ದಾರೆ. ಅಂದಿನ ಸಭೆಯಲ್ಲಿ ಕಾನೂನು ಸಚಿವ ಜೆ.ಸಿ. ಮಾಧುಸ್ವಾಮಿ ಕೂಡ ಪಾಲ್ಗೊಳ್ಳಲಿದ್ದಾರೆ. ಫೆಬ್ರವರಿ 7 ರಂದು ಸಂಜೆ ಮಾಧುಸ್ವಾಮಿ ದೆಹಲಿಗೆ ತೆರಳಲಿದ್ದಾರೆ.

ಕೋವಿಡ್-19 ನಿಂದ 5 ಲಕ್ಷ ಸಾವು: ವಿಶ್ವದಲ್ಲಿ ಮೂರನೇ ಸ್ಥಾನದಲ್ಲಿ ಭಾರತ

ನವದೆಹಲಿ: ಭಾರತದಲ್ಲಿ ಶುಕ್ರವಾರ 5 ಲಕ್ಷಕ್ಕೂ ಅಧಿಕ ಕೋವಿಡ್-19 ಸೋಂಕಿತರು ಸಾವನ್ನಪ್ಪುವುದರೊಂದಿಗೆ ಅಮೆರಿಕ ಮತ್ತು ಬ್ರೆಜಿಲ್ ನಂತರ ವಿಶ್ವದಲ್ಲಿ ಮೂರನೇ ಸ್ಥಾನವನ್ನು ಪಡೆದುಕೊಂಡಿದೆ.

ಕಳೆದ ವರ್ಷ ಜುಲೈ 1 ರಂದು ದೇಶದಲ್ಲಿ ಕೊರೊನಾದಿಂದ 4 ಲಕ್ಷ ಸಾವು ದಾಖಲಾಗಿತ್ತು. 217 ದಿನಗಳಲ್ಲಿ ಐದು ಲಕ್ಷ ಜನರು ಸಾವನ್ನಪ್ಪಿದ್ದಾರೆ. 1 ಲಕ್ಷ ಜನರ ಸಾವಿಗೆ ಹೆಚ್ಚಿನ ದಿನ ತೆಗೆದುಕೊಳ್ಳಲಾಗಿದೆ.

ಕಳೆದ ವರ್ಷ ಏಪ್ರಿಲ್- ಮೇ ನಲ್ಲಿ ಅಪಾಯಕಾರಿ ಎರಡನೇ ಅಲೆ ದೇಶದಲ್ಲಿ ಅಪ್ಪಳಿಸಿತ್ತು. ಏಪ್ರಿಲ್ 27 ರಲ್ಲಿ ಎರಡು ಲಕ್ಷ, ಮೇ 23ರಲ್ಲಿ ಮೂರು ಲಕ್ಷ ಸಾವಿನ ಸಂಖ್ಯೆ ವರದಿಯಾಗಿತ್ತು. ಅಕ್ಟೋಬರ್ 2, 2020ರ ವೇಳೆಗೆ ದೇಶದಲ್ಲಿ ಸಾವಿನ ಸಂಖ್ಯೆ 1 ಲಕ್ಷವನ್ನು ಹೆಚ್ಚಾಗಿತ್ತು. ಗುರುವಾರ 1,072 ಸಾವಿನ ಸಂಖ್ಯೆಯೊಂದಿಗೆ ಒಟ್ಟಾರೆ ಮೃತರ ಸಂಖ್ಯೆ 5,00,055ಕ್ಕೆ ಏರಿಕೆಯಾಗಿದೆ ಎಂದು ಕೇಂದ್ರ ಆರೋಗ್ಯ ಮತ್ತು ಕುಟುಂಬ ಕಲ್ಯಾಣ ಸಚಿವಾಲಯ ಮಾಹಿತಿ ನೀಡಿದೆ.

ವರ್ಲ್ಡ್ ಮೀಟರ್ಸ್ ಪ್ರಕಾರ ಸುಮಾರು 9.2 ಲಕ್ಷ ಸಾವಿನೊಂದಿಗೆ ಅಮೆರಿಕ ಮೊದಲ ಸ್ಥಾನದಲ್ಲಿದ್ದರೆ, 6.3 ಲಕ್ಷ ಸಾವಿನೊಂದಿಗೆ ಬ್ರೆಜಿಲ್ ಎರಡನೇ ಸ್ಥಾನದಲ್ಲಿದೆ. 5 ಲಕ್ಷಕ್ಕೂ ಅಧಿಕ ಸಾವಿನೊಂದಿಗೆ ಭಾರತ ಮೂರನೇ ಸ್ಥಾನದಲ್ಲಿದೆ.

30 ವರ್ಷ ಮೇಲ್ಪಟ್ಟ ಮಹಿಳೆಯರು ಪ್ರತಿ ಐದು ವರ್ಷಗಳಿಗೊಮ್ಮೆ ಕ್ಯಾನ್ಸರ್ ತಪಾಸಣೆ ಮಾಡಿಸಿಕೊಳ್ಳಬೇಕು: ಸಚಿವ ಸುಧಾಕರ್

ಬೆಂಗಳೂರು: 30 ವರ್ಷ ಮೇಲ್ಪಟ್ಟ ಎಲ್ಲಾ ಮಹಿಳೆಯರು ಪ್ರತಿ ಐದು ವರ್ಷಗಳಿಗೊಮ್ಮೆ ಕ್ಯಾನ್ಸರ್ ತಪಾಸಣೆ ಮಾಡಿಸಿಕೊಳ್ಳಬೇಕು ಎಂದು ಆರೋಗ್ಯ ಮತ್ತು ಕುಟುಂಬ ಕಲ್ಯಾಣ ಸಚಿವ ಡಾ. ಕೆ. ಸುಧಾಕರ್ ಅವರು ಶುಕ್ರವಾರ ಹೇಳಿದ್ದಾರೆ.

ಬುದ್ಧ ಕಾಲೇಜಿನಿಂದ ಆರಂಭಿಸಿದ ಎರಡು ವಾರದ ಕ್ಯಾನ್ಸರ್ ಜಾಗೃತಿ ಮತ್ತು ವೈದ್ಯಕೀಯ ತಪಾಸಣೆ ಅಭಿಯಾನಕ್ಕೆ ಮುಖ್ಯಮಂತ್ರಿ ಬಸವರಾಜ ಬೊಮ್ಮಾಯಿ ಅವರ ಜೊತೆ ಆರೋಗ್ಯ ಸಚಿವ ಸುಧಾಕರ್ ಚಾಲನೆ ನೀಡಿದರು.

ಆರೋಗ್ಯ ಮತ್ತು ವೈದ್ಯಕೀಯ ಶಿಕ್ಷಣ ಇಲಾಖೆಯಿಂದ ಕ್ಯಾನ್ಸರ್ ದಿನದ ಪ್ರಯುಕ್ತ ಕ್ಯಾನ್ಸರ್ ಸಹಾಯ ಕಾರ್ಯಕ್ರಮ ಹಮ್ಮಿಕೊಂಡಿದ್ದು, ಕಿದ್ವಾಯಿ ಆಸ್ಪತ್ರೆ ಮತ್ತು ಖಾಸಗಿ ಆಸ್ಪತ್ರೆಗಳೊಂದಿಗೆ ಜಿಲ್ಲಾ ಮಟ್ಟದ ಕಾಲೇಜು ಆಸ್ಪತ್ರೆಗಳು, ಸಿಎಚ್ ಸಿ ಮತ್ತು ಪಿಎಚ್ ಸಿಗಳಲ್ಲಿ ಕ್ಯಾನ್ಸರ್ ತಪಾಸಣೆ ನಡೆಯಲಿದೆ.

ಕಾರ್ಯಕ್ರಮದಲ್ಲಿ ಮಾತನಾಡಿದ ಸುಧಾಕರ್ ಅವರು, 30 ವರ್ಷ ಮೇಲ್ಪಟ್ಟ ಎಲ್ಲಾ ಮಹಿಳೆಯರು ಕ್ಯಾನ್ಸರ್ ಪರೀಕ್ಷೆ ಮಾಡಿಸಿಕೊಳ್ಳಬೇಕು ಎಂದು ಒತ್ತಾಯಿಸಿದರು. 30 ವರ್ಷ ಮೇಲ್ಪಟ್ಟ ಮಹಿಳೆಯರು ಗರ್ಭಕೋಶ ಮತ್ತು ಸ್ತನ ಕ್ಯಾನ್ಸರ್ ಬಗ್ಗೆ ತಿಳಿದಿರಬೇಕು. ಆರಂಭಿಕ ಹಂತದಲ್ಲೇ ಪತ್ತೆ ಹಚ್ಚಿದರೆ ಚಿಕಿತ್ಸೆ ಸುಲಭವಾಗುತ್ತದೆ. ಇದಕ್ಕಾಗಿ ಆರೋಗ್ಯ ಇಲಾಖೆ ತಪಾಸಣೆ ವ್ಯವಸ್ಥೆ ಮಾಡಿದೆ ಎಂದು ಹೇಳಿದರು.

ಪ್ರತಿ ಜಿಲ್ಲೆಯಲ್ಲಿ ಕ್ಯಾನ್ಸರ್ ಪ್ರಕರಣ ಪತ್ತೆಗೆ ಸ್ಕ್ರೀನಿಂಗ್ ಕಾರ್ಯಕ್ರಮ ನಡೆಯಲಿದೆ. ಕಿದ್ವಾಯಿ ಸಂಸ್ಥೆಯ ಸಹಯೋಗದಲ್ಲಿ ಪ್ರಾದೇಶಿಕ ಕ್ಯಾನ್ಸರ್ ಕೇಂದ್ರಗಳನ್ನು ಸ್ಥಾಪಿಸಲಾಗುವುದು. ಎಲ್ಲಾ ಜಿಲ್ಲಾ ಆಸ್ಪತ್ರೆಗಳಲ್ಲಿ ಕ್ಯಾನ್ಸರ್ ತಪಾಸಣೆ ಕೇಂದ್ರಗಳ ಸ್ಥಾಪನೆಗೆ ಕ್ರಮ ಕೈಗೊಳ್ಳಲಾಗುವುದು ಎಂದರು.

ದೇವಸ್ಥಾನಗಳ ಸಮಗ್ರ ಅಭಿವೃದ್ಧಿಗೆ ದೈವ ಸಂಕಲ್ಪ ಯೋಜನೆ: ಸಚಿವೆ ಶಶಿಕಲಾ ಜೊಲ್ಲೆ

ಬೆಂಗಳೂರು: ಪ್ರಧಾನಿ ನರೇಂದ್ರ ಮೋದಿ ಅವರ ದೇವಸ್ಥಾನಗಳ ಸಮಗ್ರ ಅಭಿವೃದ್ಧಿಯ ಕನಸನ್ನು ರಾಜ್ಯದಲ್ಲೂ ನನಸು ಮಾಡುವ ನಿಟ್ಟಿನಲ್ಲಿ ನೂತನ ಯೋಜನೆ 'ದೈವ ಸಂಕಲ್ಪ'ವನ್ನು ಮುಜರಾಯಿ ಇಲಾಖೆಯ ವತಿಯಿಂದ ಪ್ರಾರಂಭಿಸಲಾಗುವುದು ಎಂದು ಮುಜರಾಯಿ, ಹಜ್ ಮತ್ತು ವಕ್ಫ್ ಸಚಿವರಾದ ಶಶಿಕಲಾ ಜೊಲ್ಲೆ ಅವರು ಪ್ರಕಟಿಸಿದ್ದಾರೆ.

ಬೆಂಗಳೂರಿನಲ್ಲಿ ಪತ್ರಿಕಾಗೋಷ್ಠಿಯಲ್ಲಿ ಮಾತನಾಡಿದ ಅವರು, ಪ್ರಧಾನಿ ಮೋದಿಯವರು ಕಾಶಿಯನ್ನು ಅಭಿವೃದ್ಧಿಗೊಳಿಸಿದಂತೆ ರಾಜ್ಯದಲ್ಲಿ ಅತಿ ಹೆಚ್ಚು ಭಕ್ತರು ಭೇಟಿ ನೀಡುವ 25 ದೇವಸ್ಥಾನಗಳ ಸಮಗ್ರ ಅಭಿವೃದ್ಧಿಗೆ ಮಾಸ್ಟರ್ ಪ್ಲಾನ್ ರೂಪಿಸುವ ಯೋಜನೆ ಇದಾಗಿದೆ. ಮೊದಲ ಹಂತದಲ್ಲಿ 25 ದೇವಸ್ಥಾನಗಳನ್ನು ಆಯ್ಕೆ ಮಾಡಿಕೊಳ್ಳಲಾಗಿದ್ದು, ಇವುಗಳನ್ನು ಅಭಿವೃದ್ಧಿ ಮಾಡಲು ಯೋಜನೆ ಸಿದ್ಧಪಡಿಸಲಾಗಿದೆ ಎಂದು ತಿಳಿಸಿದರು.

ದೇವಸ್ಥಾನಗಳಿಗೆ ಭೇಟಿ ನೀಡುವ ಭಕ್ತರಿಗೆ ಉತ್ತಮ ಸೌಲಭ್ಯ ಕಲ್ಪಿಸಲು ಹಾಗೂ ಸ್ವಚ್ಛತೆ ಕಾಪಾಡಲು ಆದ್ಯತೆ ನೀಡಲಾಗುವುದು. ದೇವಸ್ಥಾನಗಳ ಸುತ್ತಮುತ್ತಲಿನ ಪ್ರದೇಶವನ್ನು ಅಭಿವೃದ್ಧಿಪಡಿಸಲಾಗುವುದು. ಧಾರ್ಮಿಕ ಪ್ರವಾಸೋದ್ಯಮವನ್ನು ಉತ್ತೇಜಿಸುವ ನಿಟ್ಟಿನಲ್ಲಿ ಈ ಯೋಜನೆ ಮಹತ್ವದ್ದಾಗಿದೆ. ಇದಕ್ಕಾಗಿ 1140 ಕೋಟಿ ರೂಪಾಯಿಗಳ ಯೋಜನೆ ರೂಪಿಸಲಾಗಿದೆ ಎಂದರು.

ಪ್ರಸ್ತುತ 1000 ಸಿ ವರ್ಗದ ದೇವಸ್ಥಾನಗಳ ಸಮಗ್ರ ಅಭಿವೃದ್ಧಿಗೆ ಕ್ರಮ ವಹಿಸಲಾಗಿದೆ. ರಾಜ್ಯದಲ್ಲಿ 34,217 ಸಿ ದರ್ಜೆಯ ದೇವಸ್ಥಾನಗಳಿದ್ದು, ಇವುಗಳ ಅಭಿವೃದ್ಧಿಗೂ ಯೋಜನೆ ರೂಪಿಸಲಾಗುವುದು. ಪ್ರತಿ ವರ್ಷ ಸಾವಿರ ದೇವಸ್ಥಾನಗಳ ಜೀರ್ಣೋದ್ಧಾರಕ್ಕೆ ಅನುದಾನ ನೀಡಲಾಗುವುದು ಎಂದರು.

ಈ ಸಾಲಿನಲ್ಲಿ ಮುಜರಾಯಿ ಇಲಾಖೆ ವ್ಯಾಪ್ತಿಯ 1000 ಸಿ ದರ್ಜೆಯ ದೇವಸ್ಥಾನಗಳ ಸಮಗ್ರ ಅಭಿವೃದ್ಧಿಗಾಗಿ ಕ್ರಮ ಕೈಗೊಳ್ಳಲಾಗಿದೆ. ಸರ್ಕಾರದ ವತಿಯಿಂದ ಅನುದಾನ ಹಾಗೂ ದಾನಿಗಳ ಸಹಕಾರದೊಂದಿಗೆ ದೇವಾಲಯಗಳ ಅಭಿವೃದ್ಧಿ ಕಾರ್ಯ ಕೈಗೊಳ್ಳಲಾಗುವುದು ಎಂದು ಅವರು ಹೇಳಿದರು.
